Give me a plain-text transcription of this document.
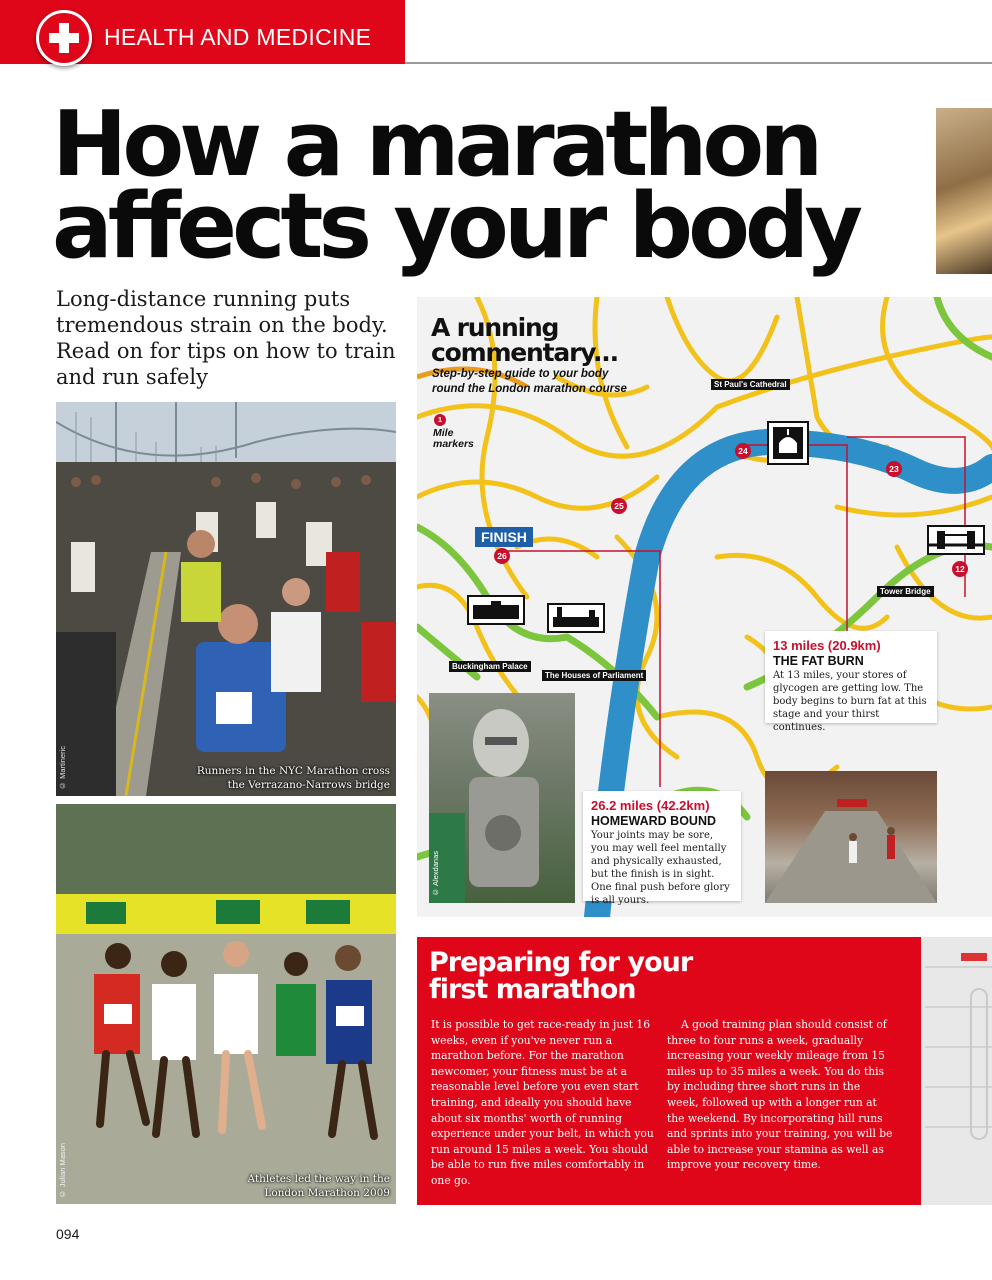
HEALTH AND MEDICINE
How a marathon
affects your body

Long-distance running puts tremendous strain on the body. Read on for tips on how to train and run safely

Runners in the NYC Marathon cross
the Verrazano-Narrows bridge
© Martineric
Athletes led the way in the
London Marathon 2009
© Julian Mason
A running
commentary...
Step-by-step guide to your body
round the London marathon course
1
Mile
markers
FINISH
24
23
25
26
12
St Paul's Cathedral
Tower Bridge
Buckingham Palace
The Houses of Parliament
13 miles (20.9km)
THE FAT BURN
At 13 miles, your stores of glycogen are getting low. The body begins to burn fat at this stage and your thirst continues.
© Alexdanas
26.2 miles (42.2km)
HOMEWARD BOUND
Your joints may be sore, you may well feel mentally and physically exhausted, but the finish is in sight. One final push before glory is all yours.
Preparing for your
first marathon

It is possible to get race-ready in just 16 weeks, even if you've never run a marathon before. For the marathon newcomer, your fitness must be at a reasonable level before you even start training, and ideally you should have about six months' worth of running experience under your belt, in which you run around 15 miles a week. You should be able to run five miles comfortably in one go.

A good training plan should consist of three to four runs a week, gradually increasing your weekly mileage from 15 miles up to 35 miles a week. You do this by including three short runs in the week, followed up with a longer run at the weekend. By incorporating hill runs and sprints into your training, you will be able to increase your stamina as well as improve your recovery time.

094
